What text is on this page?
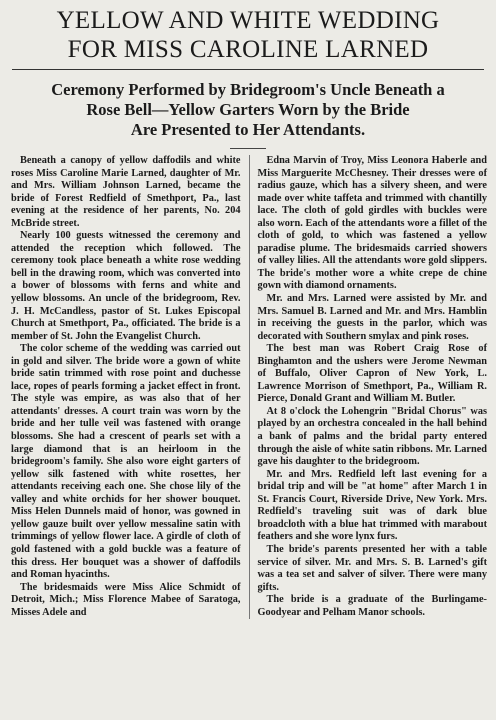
YELLOW AND WHITE WEDDING
FOR MISS CAROLINE LARNED
Ceremony Performed by Bridegroom's Uncle Beneath a
Rose Bell—Yellow Garters Worn by the Bride
Are Presented to Her Attendants.

Beneath a canopy of yellow daffodils and white roses Miss Caroline Marie Larned, daughter of Mr. and Mrs. William Johnson Larned, became the bride of Forest Redfield of Smethport, Pa., last evening at the residence of her parents, No. 204 McBride street.

Nearly 100 guests witnessed the ceremony and attended the reception which followed. The ceremony took place beneath a white rose wedding bell in the drawing room, which was converted into a bower of blossoms with ferns and white and yellow blossoms. An uncle of the bridegroom, Rev. J. H. McCandless, pastor of St. Lukes Episcopal Church at Smethport, Pa., officiated. The bride is a member of St. John the Evangelist Church.

The color scheme of the wedding was carried out in gold and silver. The bride wore a gown of white bride satin trimmed with rose point and duchesse lace, ropes of pearls forming a jacket effect in front. The style was empire, as was also that of her attendants' dresses. A court train was worn by the bride and her tulle veil was fastened with orange blossoms. She had a crescent of pearls set with a large diamond that is an heirloom in the bridegroom's family. She also wore eight garters of yellow silk fastened with white rosettes, her attendants receiving each one. She chose lily of the valley and white orchids for her shower bouquet. Miss Helen Dunnels maid of honor, was gowned in yellow gauze built over yellow messaline satin with trimmings of yellow flower lace. A girdle of cloth of gold fastened with a gold buckle was a feature of this dress. Her bouquet was a shower of daffodils and Roman hyacinths.

The bridesmaids were Miss Alice Schmidt of Detroit, Mich.; Miss Florence Mabee of Saratoga, Misses Adele and

Edna Marvin of Troy, Miss Leonora Haberle and Miss Marguerite McChesney. Their dresses were of radius gauze, which has a silvery sheen, and were made over white taffeta and trimmed with chantilly lace. The cloth of gold girdles with buckles were also worn. Each of the attendants wore a fillet of the cloth of gold, to which was fastened a yellow paradise plume. The bridesmaids carried showers of valley lilies. All the attendants wore gold slippers. The bride's mother wore a white crepe de chine gown with diamond ornaments.

Mr. and Mrs. Larned were assisted by Mr. and Mrs. Samuel B. Larned and Mr. and Mrs. Hamblin in receiving the guests in the parlor, which was decorated with Southern smylax and pink roses.

The best man was Robert Craig Rose of Binghamton and the ushers were Jerome Newman of Buffalo, Oliver Capron of New York, L. Lawrence Morrison of Smethport, Pa., William R. Pierce, Donald Grant and William M. Butler.

At 8 o'clock the Lohengrin "Bridal Chorus" was played by an orchestra concealed in the hall behind a bank of palms and the bridal party entered through the aisle of white satin ribbons. Mr. Larned gave his daughter to the bridegroom.

Mr. and Mrs. Redfield left last evening for a bridal trip and will be "at home" after March 1 in St. Francis Court, Riverside Drive, New York. Mrs. Redfield's traveling suit was of dark blue broadcloth with a blue hat trimmed with marabout feathers and she wore lynx furs.

The bride's parents presented her with a table service of silver. Mr. and Mrs. S. B. Larned's gift was a tea set and salver of silver. There were many gifts.

The bride is a graduate of the Burlingame-Goodyear and Pelham Manor schools.
